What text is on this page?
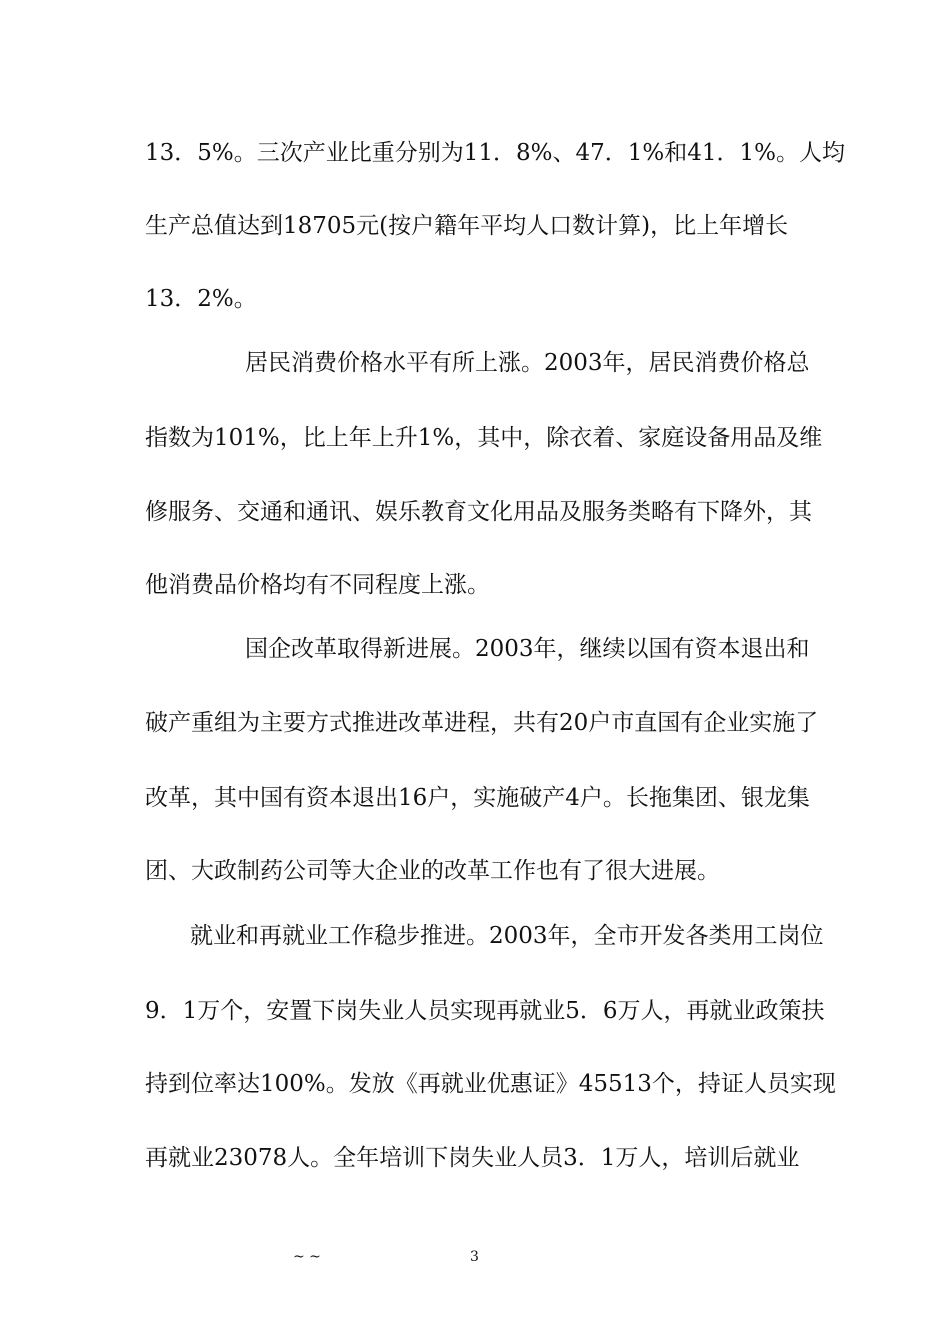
13．5%。三次产业比重分别为11．8%、47．1%和41．1%。人均
生产总值达到18705元(按户籍年平均人口数计算)，比上年增长
13．2%。
居民消费价格水平有所上涨。2003年，居民消费价格总
指数为101%，比上年上升1%，其中，除衣着、家庭设备用品及维
修服务、交通和通讯、娱乐教育文化用品及服务类略有下降外，其
他消费品价格均有不同程度上涨。
国企改革取得新进展。2003年，继续以国有资本退出和
破产重组为主要方式推进改革进程，共有20户市直国有企业实施了
改革，其中国有资本退出16户，实施破产4户。长拖集团、银龙集
团、大政制药公司等大企业的改革工作也有了很大进展。
就业和再就业工作稳步推进。2003年，全市开发各类用工岗位
9．1万个，安置下岗失业人员实现再就业5．6万人，再就业政策扶
持到位率达100%。发放《再就业优惠证》45513个，持证人员实现
再就业23078人。全年培训下岗失业人员3．1万人，培训后就业
~ ~	3
